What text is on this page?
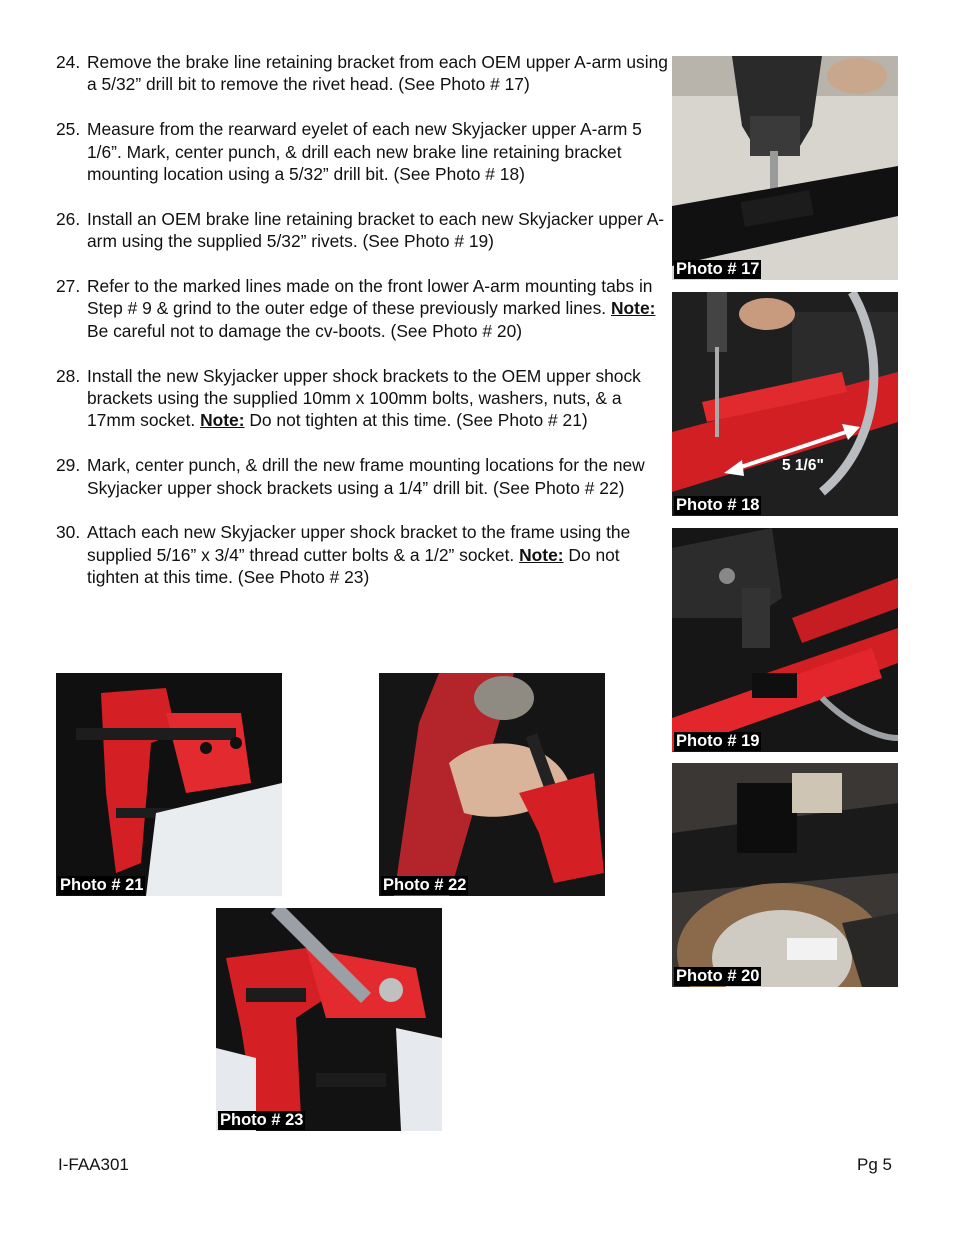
24. Remove the brake line retaining bracket from each OEM upper A-arm using a 5/32” drill bit to remove the rivet head. (See Photo # 17)
25. Measure from the rearward eyelet of each new Skyjacker upper A-arm 5 1/6”. Mark, center punch, & drill each new brake line retaining bracket mounting location using a 5/32” drill bit. (See Photo # 18)
26. Install an OEM brake line retaining bracket to each new Skyjacker upper A-arm using the supplied 5/32” rivets. (See Photo # 19)
27. Refer to the marked lines made on the front lower A-arm mounting tabs in Step # 9 & grind to the outer edge of these previously marked lines. Note: Be careful not to damage the cv-boots. (See Photo # 20)
28. Install the new Skyjacker upper shock brackets to the OEM upper shock brackets using the supplied 10mm x 100mm bolts, washers, nuts, & a 17mm socket. Note: Do not tighten at this time. (See Photo # 21)
29. Mark, center punch, & drill the new frame mounting locations for the new Skyjacker upper shock brackets using a 1/4” drill bit. (See Photo # 22)
30. Attach each new Skyjacker upper shock bracket to the frame using the supplied 5/16” x 3/4” thread cutter bolts & a 1/2” socket. Note: Do not tighten at this time. (See Photo # 23)
Photo # 17
5 1/6"
Photo # 18
Photo # 19
Photo # 20
Photo # 21	Photo # 22
Photo # 23
I-FAA301	Pg 5
